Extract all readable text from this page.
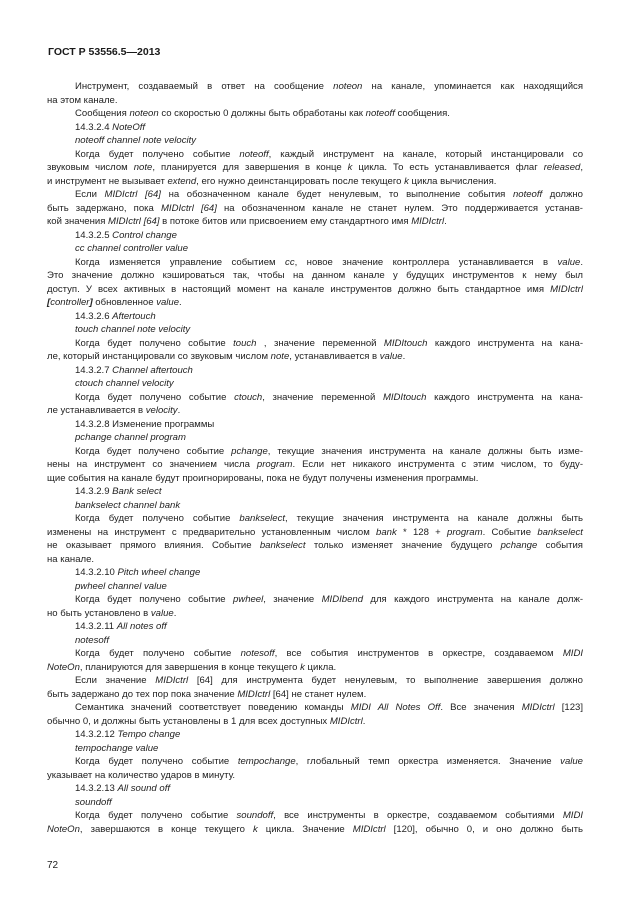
ГОСТ Р 53556.5—2013
Инструмент, создаваемый в ответ на сообщение noteon на канале, упоминается как находящийся
на этом канале.
Сообщения noteon со скоростью 0 должны быть обработаны как noteoff сообщения.
14.3.2.4 NoteOff
noteoff channel note velocity
Когда будет получено событие noteoff, каждый инструмент на канале, который инстанцировали со
звуковым числом note, планируется для завершения в конце k цикла. То есть устанавливается флаг released,
и инструмент не вызывает extend, его нужно деинстанцировать после текущего k цикла вычисления.
Если MIDIctrl [64] на обозначенном канале будет ненулевым, то выполнение события noteoff должно
быть задержано, пока MIDIctrl [64] на обозначенном канале не станет нулем. Это поддерживается устанав-
кой значения MIDIctrl [64] в потоке битов или присвоением ему стандартного имя MIDIctrl.
14.3.2.5 Control change
cc channel controller value
Когда изменяется управление событием cc, новое значение контроллера устанавливается в value.
Это значение должно кэшироваться так, чтобы на данном канале у будущих инструментов к нему был
доступ. У всех активных в настоящий момент на канале инструментов должно быть стандартное имя MIDIctrl
[controller] обновленное value.
14.3.2.6 Aftertouch
touch channel note velocity
Когда будет получено событие touch , значение переменной MIDItouch каждого инструмента на кана-
ле, который инстанцировали со звуковым числом note, устанавливается в value.
14.3.2.7 Channel aftertouch
ctouch channel velocity
Когда будет получено событие ctouch, значение переменной MIDItouch каждого инструмента на кана-
ле устанавливается в velocity.
14.3.2.8 Изменение программы
pchange channel program
Когда будет получено событие pchange, текущие значения инструмента на канале должны быть изме-
нены на инструмент со значением числа program. Если нет никакого инструмента с этим числом, то буду-
щие события на канале будут проигнорированы, пока не будут получены изменения программы.
14.3.2.9 Bank select
bankselect channel bank
Когда будет получено событие bankselect, текущие значения инструмента на канале должны быть
изменены на инструмент с предварительно установленным числом bank * 128 + program. Событие bankselect
не оказывает прямого влияния. Событие bankselect только изменяет значение будущего pchange события
на канале.
14.3.2.10 Pitch wheel change
pwheel channel value
Когда будет получено событие pwheel, значение MIDIbend для каждого инструмента на канале долж-
но быть установлено в value.
14.3.2.11 All notes off
notesoff
Когда будет получено событие notesoff, все события инструментов в оркестре, создаваемом MIDI
NoteOn, планируются для завершения в конце текущего k цикла.
Если значение MIDIctrl [64] для инструмента будет ненулевым, то выполнение завершения должно
быть задержано до тех пор пока значение MIDIctrl [64] не станет нулем.
Семантика значений соответствует поведению команды MIDI All Notes Off. Все значения MIDIctrl [123]
обычно 0, и должны быть установлены в 1 для всех доступных MIDIctrl.
14.3.2.12 Tempo change
tempochange value
Когда будет получено событие tempochange, глобальный темп оркестра изменяется. Значение value
указывает на количество ударов в минуту.
14.3.2.13 All sound off
soundoff
Когда будет получено событие soundoff, все инструменты в оркестре, создаваемом событиями MIDI
NoteOn, завершаются в конце текущего k цикла. Значение MIDIctrl [120], обычно 0, и оно должно быть
72
